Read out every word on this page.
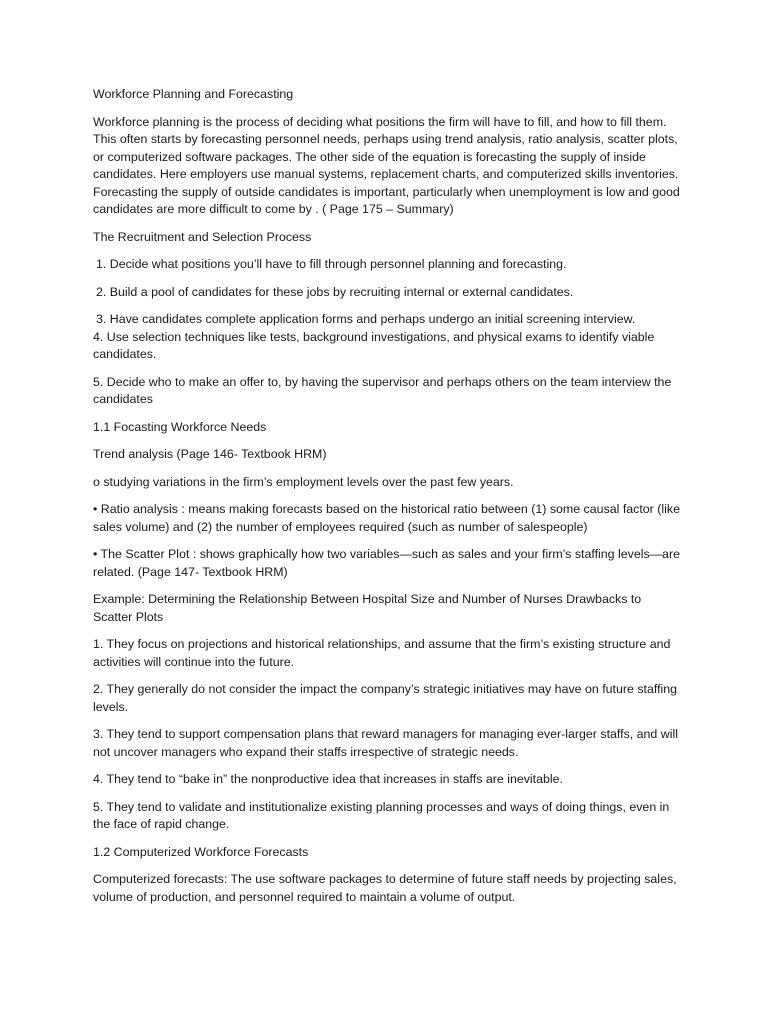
Workforce Planning and Forecasting

Workforce planning is the process of deciding what positions the firm will have to fill, and how to fill them. This often starts by forecasting personnel needs, perhaps using trend analysis, ratio analysis, scatter plots, or computerized software packages. The other side of the equation is forecasting the supply of inside candidates. Here employers use manual systems, replacement charts, and computerized skills inventories. Forecasting the supply of outside candidates is important, particularly when unemployment is low and good candidates are more difficult to come by . ( Page 175 – Summary)

The Recruitment and Selection Process

1. Decide what positions you’ll have to fill through personnel planning and forecasting.

2. Build a pool of candidates for these jobs by recruiting internal or external candidates.

3. Have candidates complete application forms and perhaps undergo an initial screening interview.

4. Use selection techniques like tests, background investigations, and physical exams to identify viable candidates.

5. Decide who to make an offer to, by having the supervisor and perhaps others on the team interview the candidates

1.1 Focasting Workforce Needs

Trend analysis (Page 146- Textbook HRM)

o studying variations in the firm’s employment levels over the past few years.

• Ratio analysis : means making forecasts based on the historical ratio between (1) some causal factor (like sales volume) and (2) the number of employees required (such as number of salespeople)

• The Scatter Plot : shows graphically how two variables—such as sales and your firm’s staffing levels—are related. (Page 147- Textbook HRM)

Example: Determining the Relationship Between Hospital Size and Number of Nurses Drawbacks to Scatter Plots

1. They focus on projections and historical relationships, and assume that the firm’s existing structure and activities will continue into the future.

2. They generally do not consider the impact the company’s strategic initiatives may have on future staffing levels.

3. They tend to support compensation plans that reward managers for managing ever-larger staffs, and will not uncover managers who expand their staffs irrespective of strategic needs.

4. They tend to “bake in” the nonproductive idea that increases in staffs are inevitable.

5. They tend to validate and institutionalize existing planning processes and ways of doing things, even in the face of rapid change.

1.2 Computerized Workforce Forecasts

Computerized forecasts: The use software packages to determine of future staff needs by projecting sales, volume of production, and personnel required to maintain a volume of output.
